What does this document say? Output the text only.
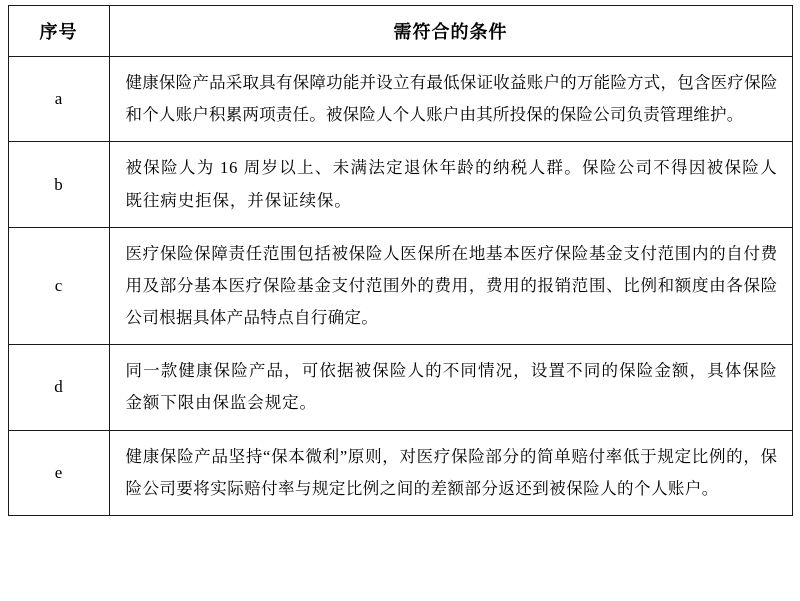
序号	需符合的条件
a	健康保险产品采取具有保障功能并设立有最低保证收益账户的万能险方式，包含医疗保险和个人账户积累两项责任。被保险人个人账户由其所投保的保险公司负责管理维护。
b	被保险人为 16 周岁以上、未满法定退休年龄的纳税人群。保险公司不得因被保险人既往病史拒保，并保证续保。
c	医疗保险保障责任范围包括被保险人医保所在地基本医疗保险基金支付范围内的自付费用及部分基本医疗保险基金支付范围外的费用，费用的报销范围、比例和额度由各保险公司根据具体产品特点自行确定。
d	同一款健康保险产品，可依据被保险人的不同情况，设置不同的保险金额，具体保险金额下限由保监会规定。
e	健康保险产品坚持“保本微利”原则，对医疗保险部分的简单赔付率低于规定比例的，保险公司要将实际赔付率与规定比例之间的差额部分返还到被保险人的个人账户。
